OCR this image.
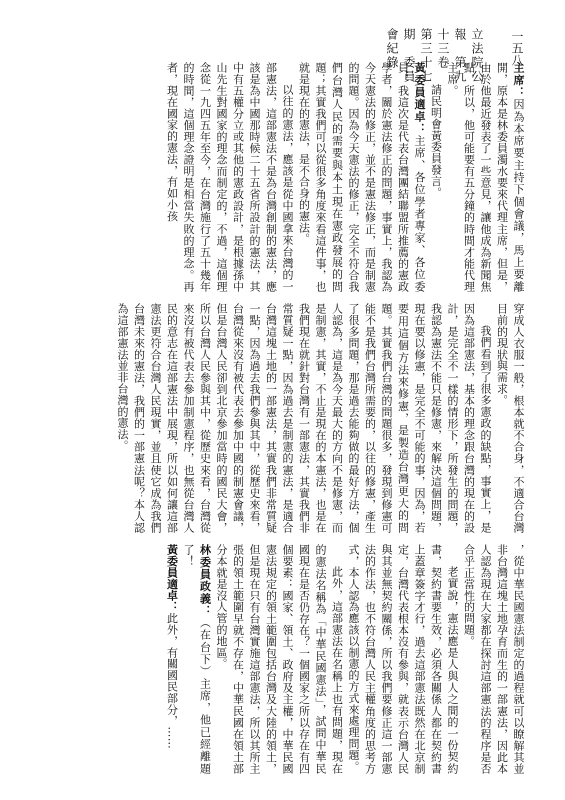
立法院公報　第九十三卷　第三十七期　委員會紀錄	一五八

主席：因為本席要主持下個會議，馬上要離開，原本是林委員濁水要來代理主席，但是，由於他最近發表了一些意見，讓他成為新聞焦點，所以，他可能要有五分鐘的時間才能代理主席。

請民明會黃委員發言。

黃委員適卓：主席、各位學者專家、各位委員，我這次是代表台灣團結聯盟所推薦的憲政學者，關於憲法修正的問題，事實上，我認為今天憲法的修正，並不是憲法修正，而是制憲的問題。因為今天憲法的修正，完全不符合我們台灣人民的需要與本土現在憲政發展的問題；其實我們可以從很多角度來看這件事，也就是現在的憲法，是不合身的憲法。

以往的憲法，應該是從中國拿來台灣的一部憲法，這部憲法不是為台灣創制的憲法，應該是為中國那時候二十五省所設計的憲法，其中有五權分立或其他的憲政設計，是根據孫中山先生對國家的理念而制定的，不過，這個理念從一九四五年至今，在台灣施行了五十幾年的時間，這個理念證明是相當失敗的理念。再者，現在國家的憲法，有如小孩

穿成人衣服一般，根本就不合身，不適合台灣目前的現狀與需求。

我們看到了很多憲政的缺點，事實上，是因為這部憲法，基本的理念跟台灣的現在的設計，是完全不一樣的情形下，所發生的問題，我認為憲法不能只是修憲，來解決這個問題，現在要以修憲，是完全不可能的事，因為，若要用這個方法來修憲，是製造台灣更大的問題。其實我們台灣的問題很多，發現到修憲可能不是我們台灣所需要的，以往的修憲，產生了很多問題，那是過去能夠做的最好方法，個人認為，這是為今天最大的方向不是修憲，而是制憲，其實，不止是現在的本憲法，也是在我們現在就針對台灣有一部憲法，其實我們非常質疑一點，因為過去是制憲的憲法，是適合台灣這塊土地的一部憲法，其實我們非常質疑一點，因為過去我們參與其中，從歷史來看，台灣從來沒有被代表去參加中國的制憲會議，但是台灣人民卻到北京參加當時的國民大會，所以台灣人民參與其中，從歷史來看，台灣從來沒有被代表去參加制憲程序，也無從台灣人民的意志在這部憲法中展現，所以如何讓這部憲法更符合台灣人民現實，並且使它成為我們台灣未來的憲法，我們的一部憲法呢？本人認為這部憲法並非台灣的憲法。

，從中華民國憲法制定的過程就可以瞭解其並非台灣這塊土地孕育而生的一部憲法，因此本人認為現在大家都在探討這部憲法的程序是否合乎正當性的問題。

老實說，憲法應是人與人之間的一份契約書，契約書要生效，必須各關係人都在契約書上蓋章簽字才行，過去這部憲法既然在北京制定，台灣代表根本沒有參與，就表示台灣人民與其並無契約關係，所以我們要修正這一部憲法的作法，也不符台灣人民主權角度的思考方式，本人認為應該以制憲的方式來處理問題。

此外，這部憲法在名稱上也有問題，現在的憲法名稱為「中華民國憲法」，試問中華民國現在是否仍存在？一個國家之所以存在有四個要素：國家、領土、政府及主權，中華民國憲法規定的領土範圍包括台灣及大陸的領土，但是現在只有台灣實施這部憲法，所以其所主張的領土範圍早就不存在，中華民國在領土部分本就是沒人管的地區。

林委員政義：（在台下）主席，他已經離題了！

黃委員適卓：此外，有關國民部分，……
